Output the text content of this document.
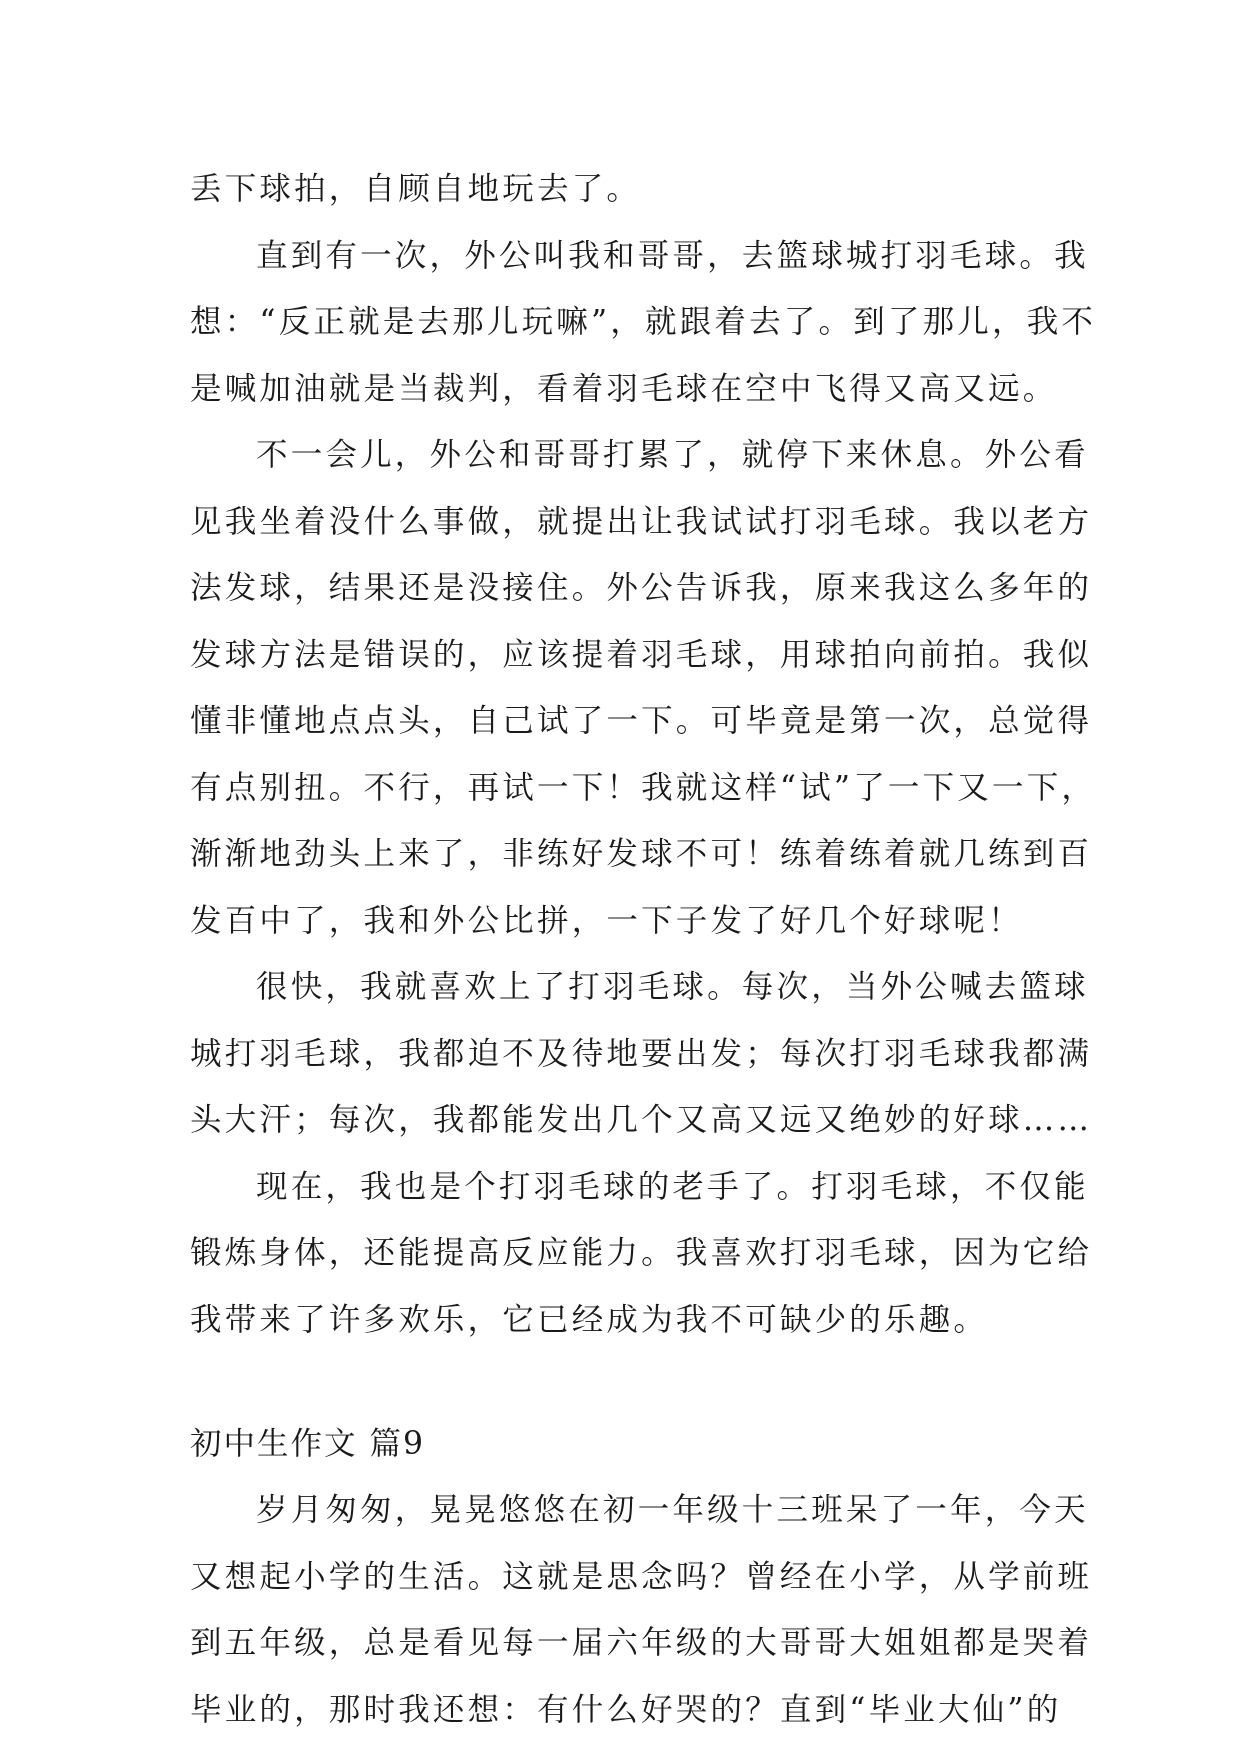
丢下球拍，自顾自地玩去了。
直到有一次，外公叫我和哥哥，去篮球城打羽毛球。我
想：“反正就是去那儿玩嘛”，就跟着去了。到了那儿，我不
是喊加油就是当裁判，看着羽毛球在空中飞得又高又远。
不一会儿，外公和哥哥打累了，就停下来休息。外公看
见我坐着没什么事做，就提出让我试试打羽毛球。我以老方
法发球，结果还是没接住。外公告诉我，原来我这么多年的
发球方法是错误的，应该提着羽毛球，用球拍向前拍。我似
懂非懂地点点头，自己试了一下。可毕竟是第一次，总觉得
有点别扭。不行，再试一下！我就这样“试”了一下又一下，
渐渐地劲头上来了，非练好发球不可！练着练着就几练到百
发百中了，我和外公比拼，一下子发了好几个好球呢！
很快，我就喜欢上了打羽毛球。每次，当外公喊去篮球
城打羽毛球，我都迫不及待地要出发；每次打羽毛球我都满
头大汗；每次，我都能发出几个又高又远又绝妙的好球……
现在，我也是个打羽毛球的老手了。打羽毛球，不仅能
锻炼身体，还能提高反应能力。我喜欢打羽毛球，因为它给
我带来了许多欢乐，它已经成为我不可缺少的乐趣。
初中生作文 篇9
岁月匆匆，晃晃悠悠在初一年级十三班呆了一年，今天
又想起小学的生活。这就是思念吗？曾经在小学，从学前班
到五年级，总是看见每一届六年级的大哥哥大姐姐都是哭着
毕业的，那时我还想：有什么好哭的？直到“毕业大仙”的
